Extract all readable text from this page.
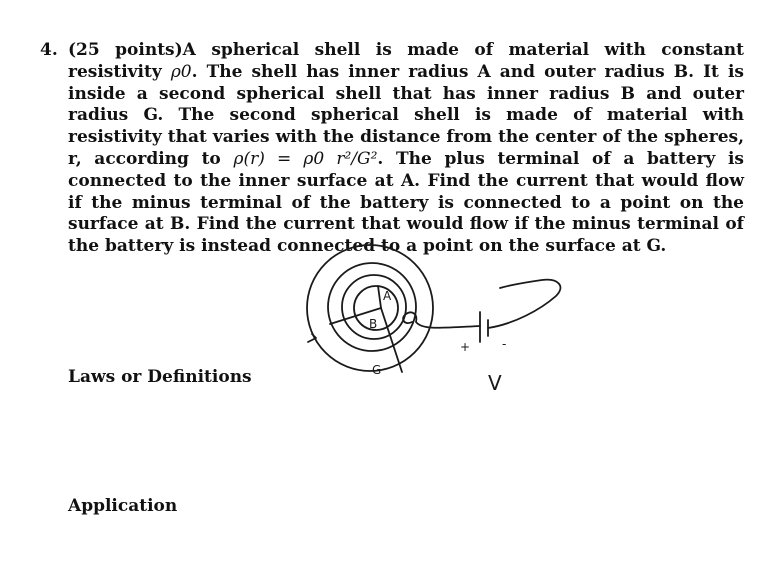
4. (25 points)A spherical shell is made of material with constant resistivity ρ0. The shell has inner radius A and outer radius B. It is inside a second spherical shell that has inner radius B and outer radius G. The second spherical shell is made of material with resistivity that varies with the distance from the center of the spheres, r, according to ρ(r) = ρ0 r²/G². The plus terminal of a battery is connected to the inner surface at A. Find the current that would flow if the minus terminal of the battery is connected to a point on the surface at B. Find the current that would flow if the minus terminal of the battery is instead connected to a point on the surface at G.
A
B
G
+	-
V
Laws or Definitions
Application
